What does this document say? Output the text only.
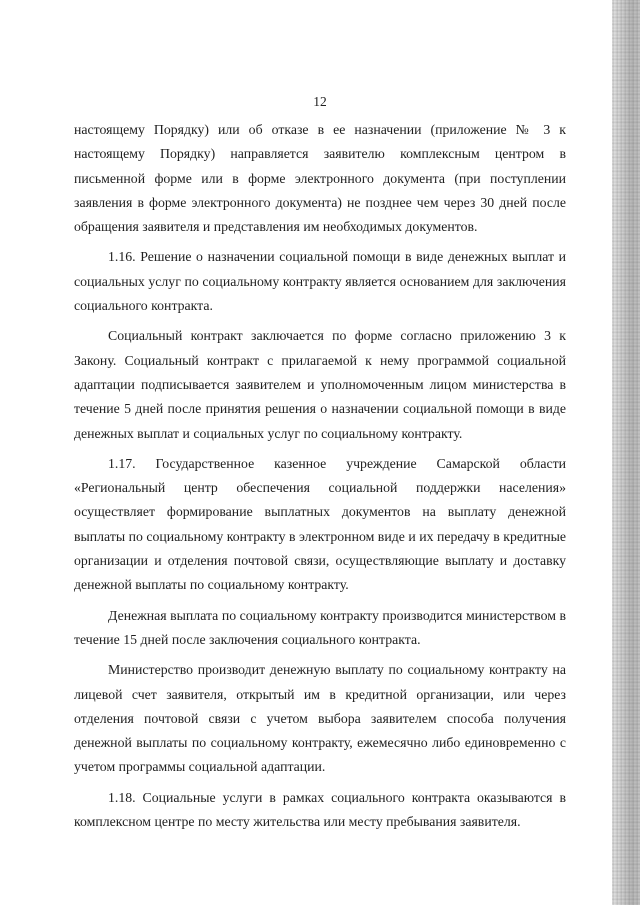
12

настоящему Порядку) или об отказе в ее назначении (приложение № 3 к настоящему Порядку) направляется заявителю комплексным центром в письменной форме или в форме электронного документа (при поступлении заявления в форме электронного документа) не позднее чем через 30 дней после обращения заявителя и представления им необходимых документов.

1.16. Решение о назначении социальной помощи в виде денежных выплат и социальных услуг по социальному контракту является основанием для заключения социального контракта.

Социальный контракт заключается по форме согласно приложению 3 к Закону. Социальный контракт с прилагаемой к нему программой социальной адаптации подписывается заявителем и уполномоченным лицом министерства в течение 5 дней после принятия решения о назначении социальной помощи в виде денежных выплат и социальных услуг по социальному контракту.

1.17. Государственное казенное учреждение Самарской области «Региональный центр обеспечения социальной поддержки населения» осуществляет формирование выплатных документов на выплату денежной выплаты по социальному контракту в электронном виде и их передачу в кредитные организации и отделения почтовой связи, осуществляющие выплату и доставку денежной выплаты по социальному контракту.

Денежная выплата по социальному контракту производится министерством в течение 15 дней после заключения социального контракта.

Министерство производит денежную выплату по социальному контракту на лицевой счет заявителя, открытый им в кредитной организации, или через отделения почтовой связи с учетом выбора заявителем способа получения денежной выплаты по социальному контракту, ежемесячно либо единовременно с учетом программы социальной адаптации.

1.18. Социальные услуги в рамках социального контракта оказываются в комплексном центре по месту жительства или месту пребывания заявителя.
